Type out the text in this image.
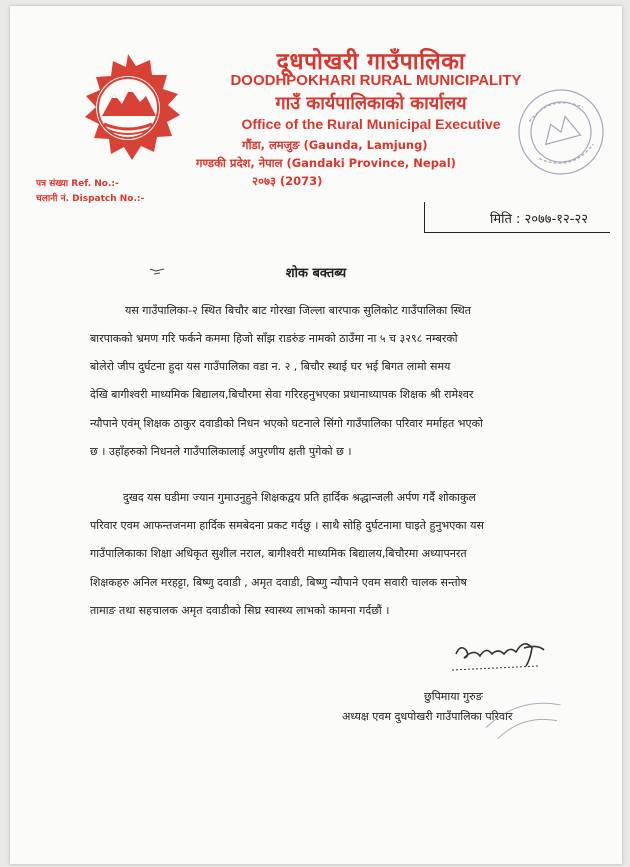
दूधपोखरी गाउँपालिका
DOODHPOKHARI RURAL MUNICIPALITY
गाउँ कार्यपालिकाको कार्यालय
Office of the Rural Municipal Executive
गौंडा, लमजुङ (Gaunda, Lamjung)
गण्डकी प्रदेश, नेपाल (Gandaki Province, Nepal)
२०७३ (2073)
पत्र संख्या Ref. No.:-
चलानी नं. Dispatch No.:-
मिति : २०७७-१२-२२
शोक बक्तब्य
यस गाउँपालिका-२ स्थित बिचौर बाट गोरखा जिल्ला बारपाक सुलिकोट गाउँपालिका स्थित
बारपाकको भ्रमण गरि फर्कने कममा हिजो साँझ राडरुंङ नामको ठाउँमा ना ५ च ३२९८ नम्बरको
बोलेरो जीप दुर्घटना हुदा यस गाउँपालिका वडा न. २ , बिचौर स्थाई घर भई बिगत लामो समय
देखि बागीश्वरी माध्यमिक बिद्यालय,बिचौरमा सेवा गरिरहनुभएका प्रधानाध्यापक शिक्षक श्री रामेश्वर
न्यौपाने एवंम् शिक्षक ठाकुर दवाडीको निधन भएको घटनाले सिंगो गाउँपालिका परिवार मर्माहत भएको
छ । उहाँहरुको निधनले गाउँपालिकालाई अपुरणीय क्षती पुगेको छ ।
दुखद यस घडीमा ज्यान गुमाउनुहुने शिक्षकद्वय प्रति हार्दिक श्रद्धान्जली अर्पण गर्दै शोकाकुल
परिवार एवम आफन्तजनमा हार्दिक समबेदना प्रकट गर्दछु । साथै सोहि दुर्घटनामा घाइते हुनुभएका यस
गाउँपालिकाका शिक्षा अधिकृत सुशील नराल, बागीश्वरी माध्यमिक बिद्यालय,बिचौरमा अध्यापनरत
शिक्षकहरु अनिल मरहट्टा, बिष्णु दवाडी , अमृत दवाडी, बिष्णु न्यौपाने एवम सवारी चालक सन्तोष
तामाङ तथा सहचालक अमृत दवाडीको सिघ्र स्वास्थ्य लाभको कामना गर्दछौं ।
छुपिमाया गुरुङ
अध्यक्ष एवम दुधपोखरी गाउँपालिका परिवार
